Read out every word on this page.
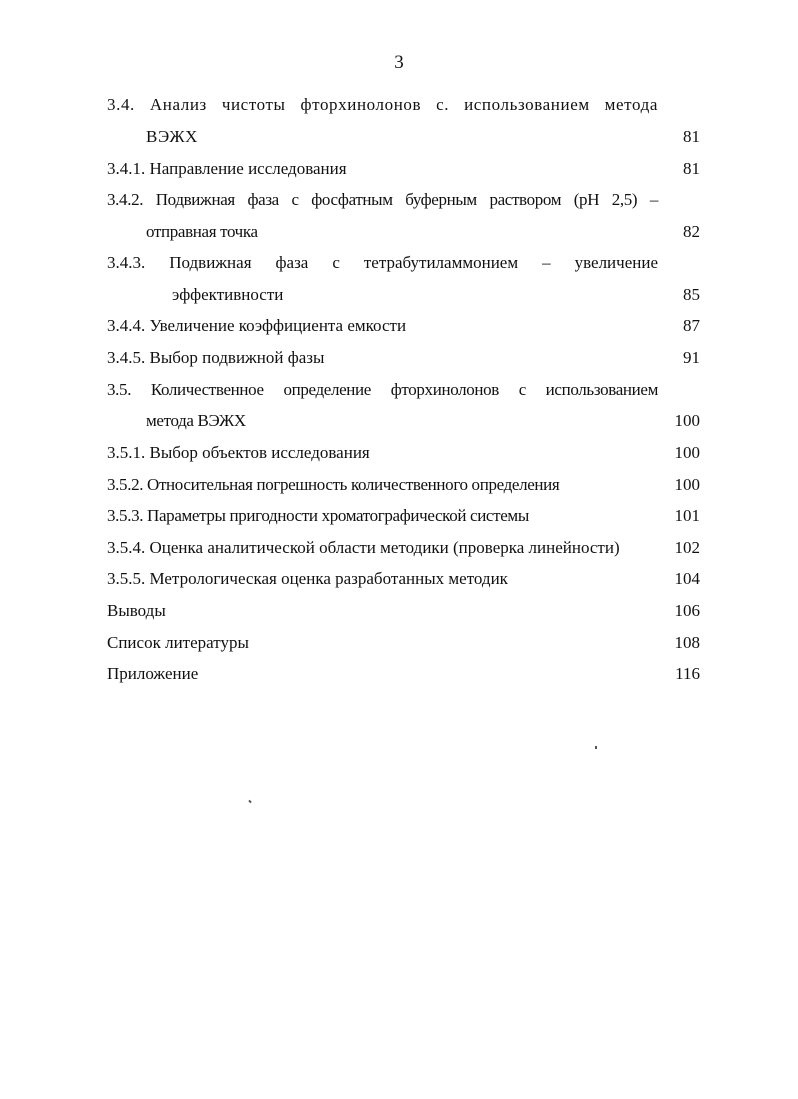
3
3.4. Анализ чистоты фторхинолонов с. использованием метода
ВЭЖХ	81
3.4.1. Направление исследования	81
3.4.2. Подвижная фаза с фосфатным буферным раствором (pH 2,5) –
отправная точка	82
3.4.3. Подвижная фаза с тетрабутиламмонием – увеличение
эффективности	85
3.4.4. Увеличение коэффициента емкости	87
3.4.5. Выбор подвижной фазы	91
3.5. Количественное определение фторхинолонов с использованием
метода ВЭЖХ	100
3.5.1. Выбор объектов исследования	100
3.5.2. Относительная погрешность количественного определения	100
3.5.3. Параметры пригодности хроматографической системы	101
3.5.4. Оценка аналитической области методики (проверка линейности)	102
3.5.5. Метрологическая оценка разработанных методик	104
Выводы	106
Список литературы	108
Приложение	116
